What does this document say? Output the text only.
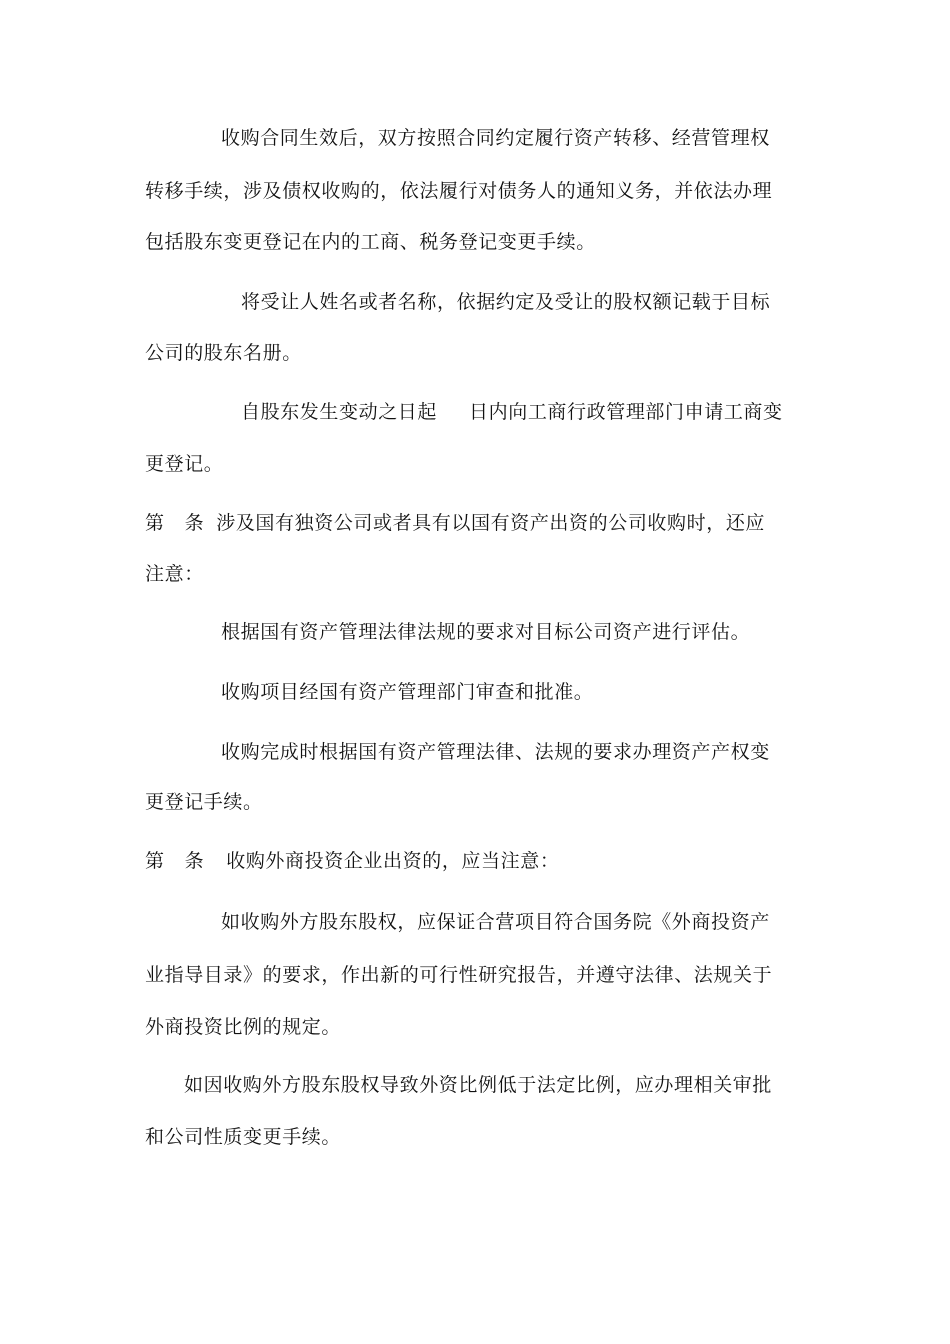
收购合同生效后，双方按照合同约定履行资产转移、经营管理权
转移手续，涉及债权收购的，依法履行对债务人的通知义务，并依法办理
包括股东变更登记在内的工商、税务登记变更手续。
将受让人姓名或者名称，依据约定及受让的股权额记载于目标
公司的股东名册。
自股东发生变动之日起 日内向工商行政管理部门申请工商变
更登记。
第 条 涉及国有独资公司或者具有以国有资产出资的公司收购时，还应
注意：
根据国有资产管理法律法规的要求对目标公司资产进行评估。
收购项目经国有资产管理部门审查和批准。
收购完成时根据国有资产管理法律、法规的要求办理资产产权变
更登记手续。
第 条 收购外商投资企业出资的，应当注意：
如收购外方股东股权，应保证合营项目符合国务院《外商投资产
业指导目录》的要求，作出新的可行性研究报告，并遵守法律、法规关于
外商投资比例的规定。
如因收购外方股东股权导致外资比例低于法定比例，应办理相关审批
和公司性质变更手续。
